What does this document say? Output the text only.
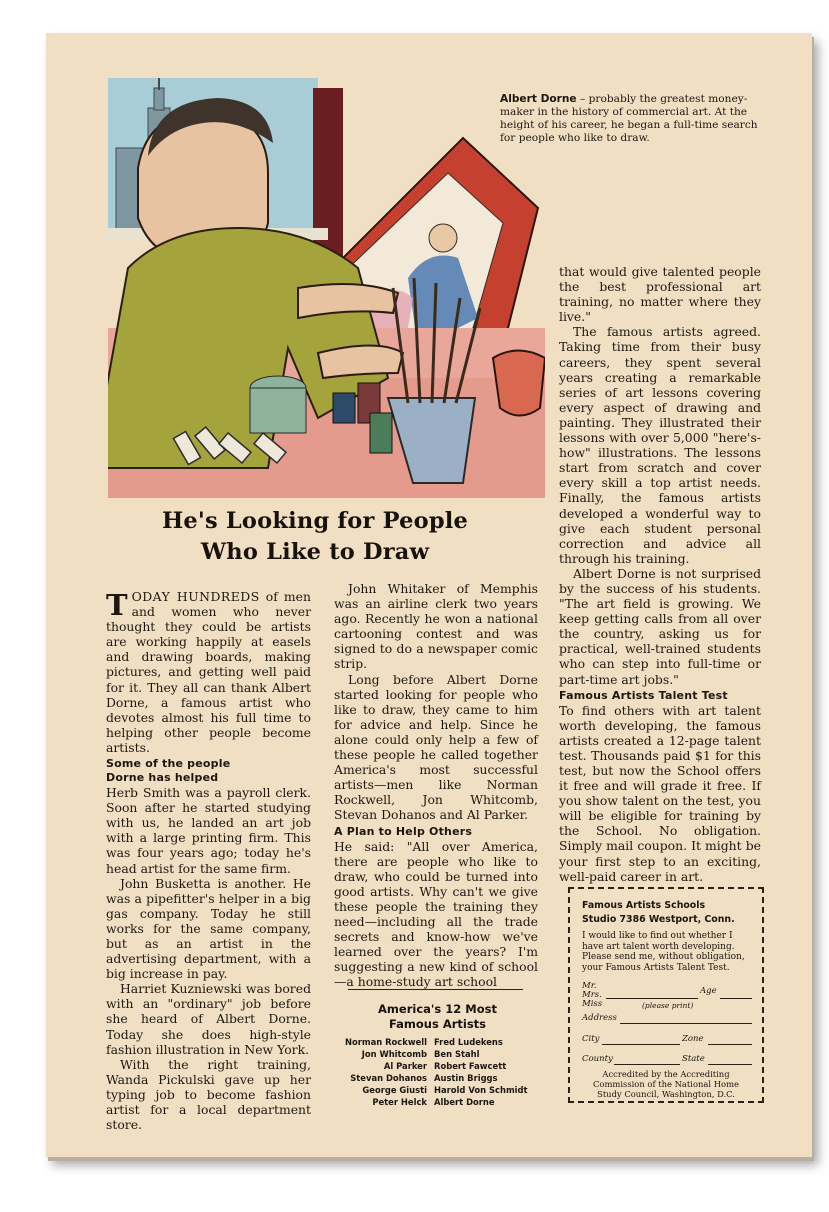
Albert Dorne – probably the greatest money-maker in the history of commercial art. At the height of his career, he began a full-time search for people who like to draw.
He's Looking for People
Who Like to Draw

TODAY HUNDREDS of men and women who never thought they could be artists are working happily at easels and drawing boards, making pictures, and getting well paid for it. They all can thank Albert Dorne, a famous artist who devotes almost his full time to helping other people become artists.

Some of the people
Dorne has helped

Herb Smith was a payroll clerk. Soon after he started studying with us, he landed an art job with a large printing firm. This was four years ago; today he's head artist for the same firm.

John Busketta is another. He was a pipefitter's helper in a big gas company. Today he still works for the same company, but as an artist in the advertising department, with a big increase in pay.

Harriet Kuzniewski was bored with an "ordinary" job before she heard of Albert Dorne. Today she does high-style fashion illustration in New York.

With the right training, Wanda Pickulski gave up her typing job to become fashion artist for a local department store.

John Whitaker of Memphis was an airline clerk two years ago. Recently he won a national cartooning contest and was signed to do a newspaper comic strip.

Long before Albert Dorne started looking for people who like to draw, they came to him for advice and help. Since he alone could only help a few of these people he called together America's most successful artists—men like Norman Rockwell, Jon Whitcomb, Stevan Dohanos and Al Parker.

A Plan to Help Others

He said: "All over America, there are people who like to draw, who could be turned into good artists. Why can't we give these people the training they need—including all the trade secrets and know-how we've learned over the years? I'm suggesting a new kind of school—a home-study art school

America's 12 Most
Famous Artists
Norman Rockwell Fred Ludekens
Jon Whitcomb Ben Stahl
Al Parker Robert Fawcett
Stevan Dohanos Austin Briggs
George Giusti Harold Von Schmidt
Peter Helck Albert Dorne

that would give talented people the best professional art training, no matter where they live."

The famous artists agreed. Taking time from their busy careers, they spent several years creating a remarkable series of art lessons covering every aspect of drawing and painting. They illustrated their lessons with over 5,000 "here's-how" illustrations. The lessons start from scratch and cover every skill a top artist needs. Finally, the famous artists developed a wonderful way to give each student personal correction and advice all through his training.

Albert Dorne is not surprised by the success of his students. "The art field is growing. We keep getting calls from all over the country, asking us for practical, well-trained students who can step into full-time or part-time art jobs."

Famous Artists Talent Test

To find others with art talent worth developing, the famous artists created a 12-page talent test. Thousands paid $1 for this test, but now the School offers it free and will grade it free. If you show talent on the test, you will be eligible for training by the School. No obligation. Simply mail coupon. It might be your first step to an exciting, well-paid career in art.

Famous Artists Schools
Studio 7386 Westport, Conn.
I would like to find out whether I have art talent worth developing. Please send me, without obligation, your Famous Artists Talent Test.
Mr.
Mrs.
Miss
Age
(please print)
Address
City	Zone
County	State
Accredited by the Accrediting Commission of the National Home Study Council, Washington, D.C.
